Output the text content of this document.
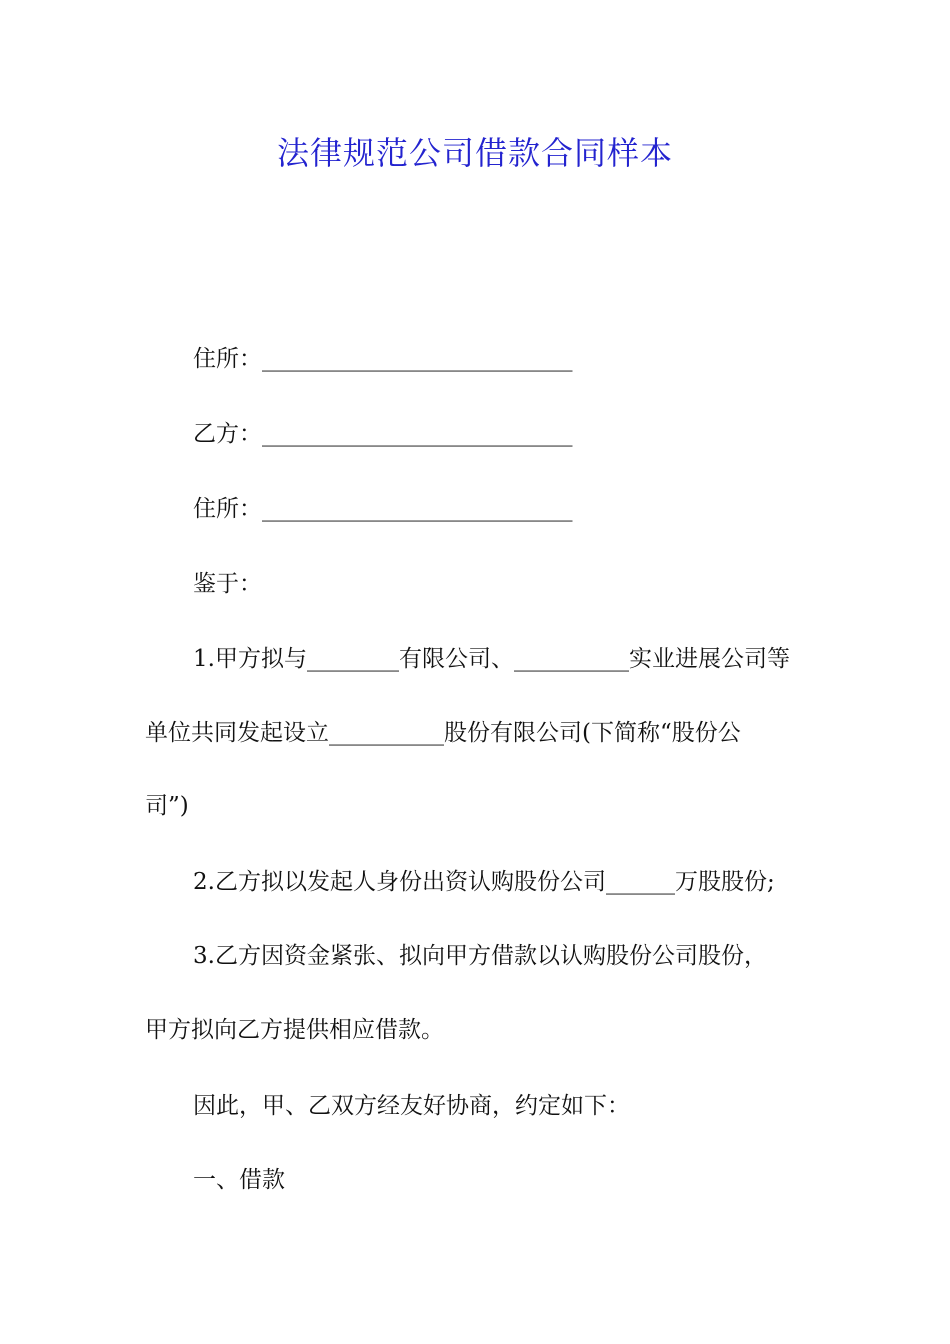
法律规范公司借款合同样本
住所：___________________________
乙方：___________________________
住所：___________________________
鉴于：
1.甲方拟与________有限公司、__________实业进展公司等
单位共同发起设立__________股份有限公司(下简称“股份公
司”)
2.乙方拟以发起人身份出资认购股份公司______万股股份;
3.乙方因资金紧张、拟向甲方借款以认购股份公司股份，
甲方拟向乙方提供相应借款。
因此，甲、乙双方经友好协商，约定如下：
一、借款
